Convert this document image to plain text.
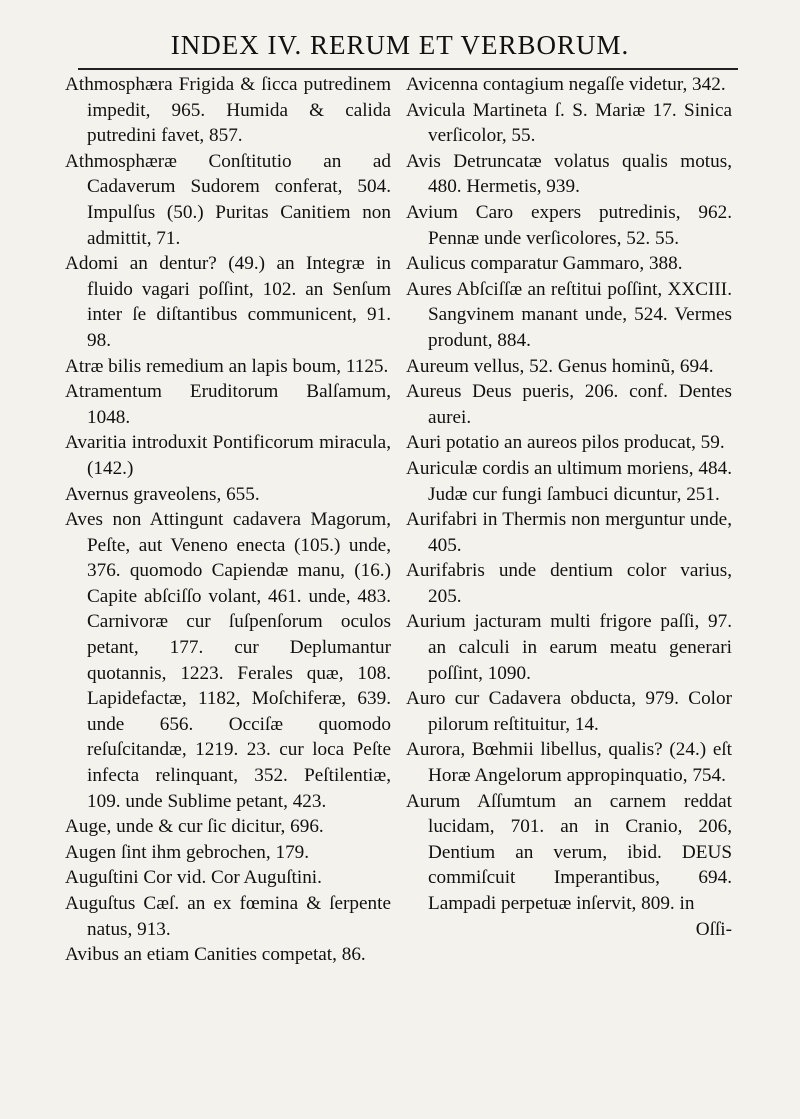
INDEX IV. RERUM ET VERBORUM.
Athmosphæra Frigida & ſicca putredinem impedit, 965. Humida & calida putredini favet, 857.
Athmosphæræ Conſtitutio an ad Cadaverum Sudorem conferat, 504. Impulſus (50.) Puritas Canitiem non admittit, 71.
Adomi an dentur? (49.) an Integræ in fluido vagari poſſint, 102. an Senſum inter ſe diſtantibus communicent, 91. 98.
Atræ bilis remedium an lapis boum, 1125.
Atramentum Eruditorum Balſamum, 1048.
Avaritia introduxit Pontificorum miracula, (142.)
Avernus graveolens, 655.
Aves non Attingunt cadavera Magorum, Peſte, aut Veneno enecta (105.) unde, 376. quomodo Capiendæ manu, (16.) Capite abſciſſo volant, 461. unde, 483. Carnivoræ cur ſuſpenſorum oculos petant, 177. cur Deplumantur quotannis, 1223. Ferales quæ, 108. Lapidefactæ, 1182, Moſchiferæ, 639. unde 656. Occiſæ quomodo reſuſcitandæ, 1219. 23. cur loca Peſte infecta relinquant, 352. Peſtilentiæ, 109. unde Sublime petant, 423.
Auge, unde & cur ſic dicitur, 696.
Augen ſint ihm gebrochen, 179.
Auguſtini Cor vid. Cor Auguſtini.
Auguſtus Cæſ. an ex fœmina & ſerpente natus, 913.
Avibus an etiam Canities competat, 86.
Avicenna contagium negaſſe videtur, 342.
Avicula Martineta ſ. S. Mariæ 17. Sinica verſicolor, 55.
Avis Detruncatæ volatus qualis motus, 480. Hermetis, 939.
Avium Caro expers putredinis, 962. Pennæ unde verſicolores, 52. 55.
Aulicus comparatur Gammaro, 388.
Aures Abſciſſæ an reſtitui poſſint, XXCIII. Sangvinem manant unde, 524. Vermes produnt, 884.
Aureum vellus, 52. Genus hominũ, 694.
Aureus Deus pueris, 206. conf. Dentes aurei.
Auri potatio an aureos pilos producat, 59.
Auriculæ cordis an ultimum moriens, 484. Judæ cur fungi ſambuci dicuntur, 251.
Aurifabri in Thermis non merguntur unde, 405.
Aurifabris unde dentium color varius, 205.
Aurium jacturam multi frigore paſſi, 97. an calculi in earum meatu generari poſſint, 1090.
Auro cur Cadavera obducta, 979. Color pilorum reſtituitur, 14.
Aurora, Bœhmii libellus, qualis? (24.) eſt Horæ Angelorum appropinquatio, 754.
Aurum Aſſumtum an carnem reddat lucidam, 701. an in Cranio, 206, Dentium an verum, ibid. DEUS commiſcuit Imperantibus, 694. Lampadi perpetuæ inſervit, 809. in
Oſſi-
